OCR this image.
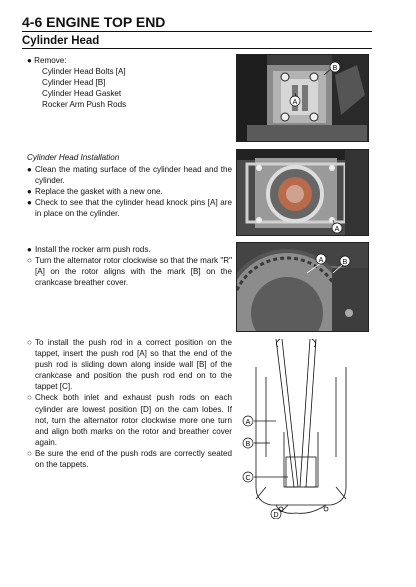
4-6 ENGINE TOP END
Cylinder Head
● Remove:
Cylinder Head Bolts [A]
Cylinder Head [B]
Cylinder Head Gasket
Rocker Arm Push Rods
Cylinder Head Installation
● Clean the mating surface of the cylinder head and the cylinder.
● Replace the gasket with a new one.
● Check to see that the cylinder head knock pins [A] are in place on the cylinder.
● Install the rocker arm push rods.
○ Turn the alternator rotor clockwise so that the mark "R" [A] on the rotor aligns with the mark [B] on the crankcase breather cover.
○ To install the push rod in a correct position on the tappet, insert the push rod [A] so that the end of the push rod is sliding down along inside wall [B] of the crankcase and position the push rod end on to the tappet [C].
○ Check both inlet and exhaust push rods on each cylinder are lowest position [D] on the cam lobes. If not, turn the alternator rotor clockwise more one turn and align both marks on the rotor and breather cover again.
○ Be sure the end of the push rods are correctly seated on the tappets.
B
A
A
A	B
A
B
C
D
